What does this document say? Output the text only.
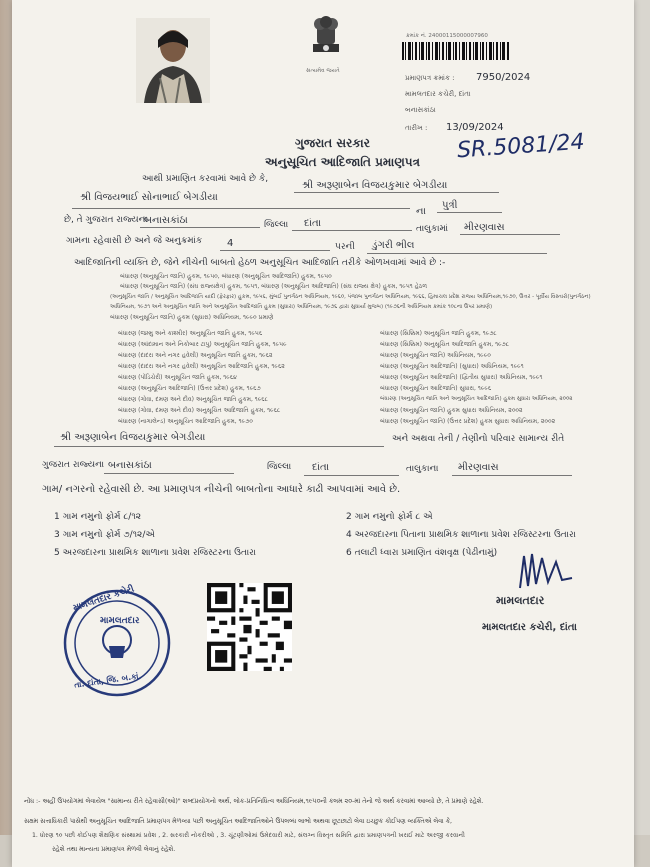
સત્યમેવ જયતે
ક્રમાંક નં. 24000115000007960
પ્રમાણપત્ર ક્રમાંક : 7950/2024
મામલતદાર કચેરી, દાંતા
બનાસકાંઠા
તારીખ : 13/09/2024
SR.5081/24
ગુજરાત સરકાર
અનુસૂચિત આદિજાતિ પ્રમાણપત્ર
આથી પ્રમાણિત કરવામાં આવે છે કે,
શ્રી અરૂણાબેન વિજયકુમાર બેગડીયા
શ્રી વિજયભાઈ સોનાભાઈ બેગડીયા
ના
પુત્રી
છે, તે ગુજરાત રાજ્યના
બનાસકાંઠા	જિલ્લા દાંતા	તાલુકામાં મીરણવાસ
ગામના રહેવાસી છે અને જે અનુક્રમાંક 4	પરની ડુંગરી ભીલ
આદિજાતિની વ્યક્તિ છે, જેને નીચેની બાબતો હેઠળ અનુસૂચિત આદિજાતિ તરીકે ઓળખવામાં આવે છે :-
બંધારણ (અનુસૂચિત જાતિ) હુકમ, ૧૯૫૦, બંધારણ (અનુસૂચિત આદિજાતિ) હુકમ, ૧૯૫૦
બંધારણ (અનુસૂચિત જાતિ) (સંઘ રાજ્યક્ષેત્ર) હુકમ, ૧૯૫૧, બંધારણ (અનુસૂચિત આદિજાતિ) (સંઘ રાજ્ય ક્ષેત્ર) હુકમ, ૧૯૫૧ હેઠળ
(અનુસૂચિત જાતિ / અનુસૂચિત આદિજાતિ યાદી (ફેરફાર) હુકમ, ૧૯૫૬, મુંબઈ પુનર્ગઠન અધિનિયમ, ૧૯૬૦, પંજાબ પુનર્ગઠન અધિનિયમ, ૧૯૬૬, હિમાચલ પ્રદેશ રાજ્ય અધિનિયમ,૧૯૭૦, ઉત્તર - પૂર્વીય વિસ્તારો(પુનર્ગઠન)
અધિનિયમ, ૧૯૭૧ અને અનુસૂચિત જાતિ અને અનુસૂચિત આદિજાતિ હુકમ (સુધારા) અધિનિયમ, ૧૯૭૬ દ્વારા સુધાર્યા મુજબ) (૧૯૭૬ની અધિનિયમ ક્રમાંક ૧૦૮ના ઉપર પ્રમાણે)
બંધારણ (અનુસૂચિત જાતિ) હુકમ (સુધારા) અધિનિયમ, ૧૯૯૦ પ્રમાણે
બંધારણ (જમ્મુ અને કાશ્મીર) અનુસૂચિત જાતિ હુકમ, ૧૯૫૬
બંધારણ (આંદામાન અને નિકોબાર ટાપુ) અનુસૂચિત જાતિ હુકમ, ૧૯૫૯
બંધારણ (દાદરા અને નગર હવેલી) અનુસૂચિત જાતિ હુકમ, ૧૯૬૨
બંધારણ (દાદરા અને નગર હવેલી) અનુસૂચિત આદિજાતિ હુકમ, ૧૯૬૨
બંધારણ (પોંડિચેરી) અનુસૂચિત જાતિ હુકમ, ૧૯૬૪
બંધારણ (અનુસૂચિત આદિજાતિ) (ઉત્તર પ્રદેશ) હુકમ, ૧૯૬૭
બંધારણ (ગોવા, દમણ અને દીવ) અનુસૂચિત જાતિ હુકમ, ૧૯૬૮
બંધારણ (ગોવા, દમણ અને દીવ) અનુસૂચિત આદિજાતિ હુકમ, ૧૯૬૮
બંધારણ (નાગાલેન્ડ) અનુસૂચિત આદિજાતિ હુકમ, ૧૯૭૦
બંધારણ (સિક્કિમ) અનુસૂચિત જાતિ હુકમ, ૧૯૭૮
બંધારણ (સિક્કિમ) અનુસૂચિત આદિજાતિ હુકમ, ૧૯૭૮
બંધારણ (અનુસૂચિત જાતિ) અધિનિયમ, ૧૯૯૦
બંધારણ (અનુસૂચિત આદિજાતિ) (સુધારા) અધિનિયમ, ૧૯૯૧
બંધારણ (અનુસૂચિત આદિજાતિ) (દ્વિતીય સુધારા) અધિનિયમ, ૧૯૯૧
બંધારણ (અનુસૂચિત આદિજાતિ) સુધારા, ૧૯૯૬
બંધારણ (અનુસૂચિત જાતિ અને અનુસૂચિત આદિજાતિ) હુકમ સુધારા અધિનિયમ, ૨૦૦૨
બંધારણ (અનુસૂચિત જાતિ) હુકમ સુધારા અધિનિયમ, ૨૦૦૨
બંધારણ (અનુસૂચિત જાતિ) (ઉત્તર પ્રદેશ) હુકમ સુધારા અધિનિયમ, ૨૦૦૨
શ્રી અરૂણાબેન વિજયકુમાર બેગડીયા	અને અથવા તેની / તેણીનો પરિવાર સામાન્ય રીતે
ગુજરાત રાજ્યના બનાસકાંઠા	જિલ્લા દાંતા	તાલુકાના મીરણવાસ
ગામ/ નગરનો રહેવાસી છે. આ પ્રમાણપત્ર નીચેની બાબતોના આધારે કાઢી આપવામાં આવે છે.
1 ગામ નમુનો ફોર્મ ૮/૧૨	2 ગામ નમુનો ફોર્મ ૮ એ
3 ગામ નમુનો ફોર્મ ૭/૧૨/એ	4 અરજદારના પિતાના પ્રાથમિક શાળાના પ્રવેશ રજિસ્ટરના ઉતારા
5 અરજદારના પ્રાથમિક શાળાના પ્રવેશ રજિસ્ટરના ઉતારા	6 તલાટી ધ્વારા પ્રમાણિત વંશવૃક્ષ (પેઢીનામું)
મામલતદાર કચેરી
મામલતદાર
તા. દાંતા, જિ. બ.કાં.
મામલતદાર
મામલતદાર કચેરી, દાંતા
નોંધ :- અહીં ઉપયોગમાં લેવાયેલ "સામાન્ય રીતે રહેવાસી(ઓ)" શબ્દપ્રયોગનો અર્થ, લોક-પ્રતિનિધિત્વ અધિનિયમ,૧૯૫૦ની કલમ ૨૦-માં તેનો જે અર્થ કરવામાં આવ્યો છે, તે પ્રમાણે રહેશે.
સક્ષમ સત્તાધિકારી પાસેથી અનુસૂચિત આદિજાતિ પ્રમાણપત્ર મેળવ્યા પછી અનુસૂચિત આદિજાતિઓને ઉપલબ્ધ લાભો અથવા છૂટછાટો લેવા ઇચ્છુક કોઈપણ વ્યક્તિએ લેવા કે,
1. ધોરણ ૧૦ પછી કોઈપણ શૈક્ષણિક સંસ્થામાં પ્રવેશ , 2. સરકારી નોકરીઓ , 3. ચૂંટણીઓમાં ઉમેદવારી માટે, સંલગ્ન વિસ્તૃત સમિતિ દ્વારા પ્રમાણપત્રની ખરાઈ માટે અરજી કરવાની
રહેશે તથા માન્યતા પ્રમાણપત્ર મેળવી લેવાનું રહેશે.
